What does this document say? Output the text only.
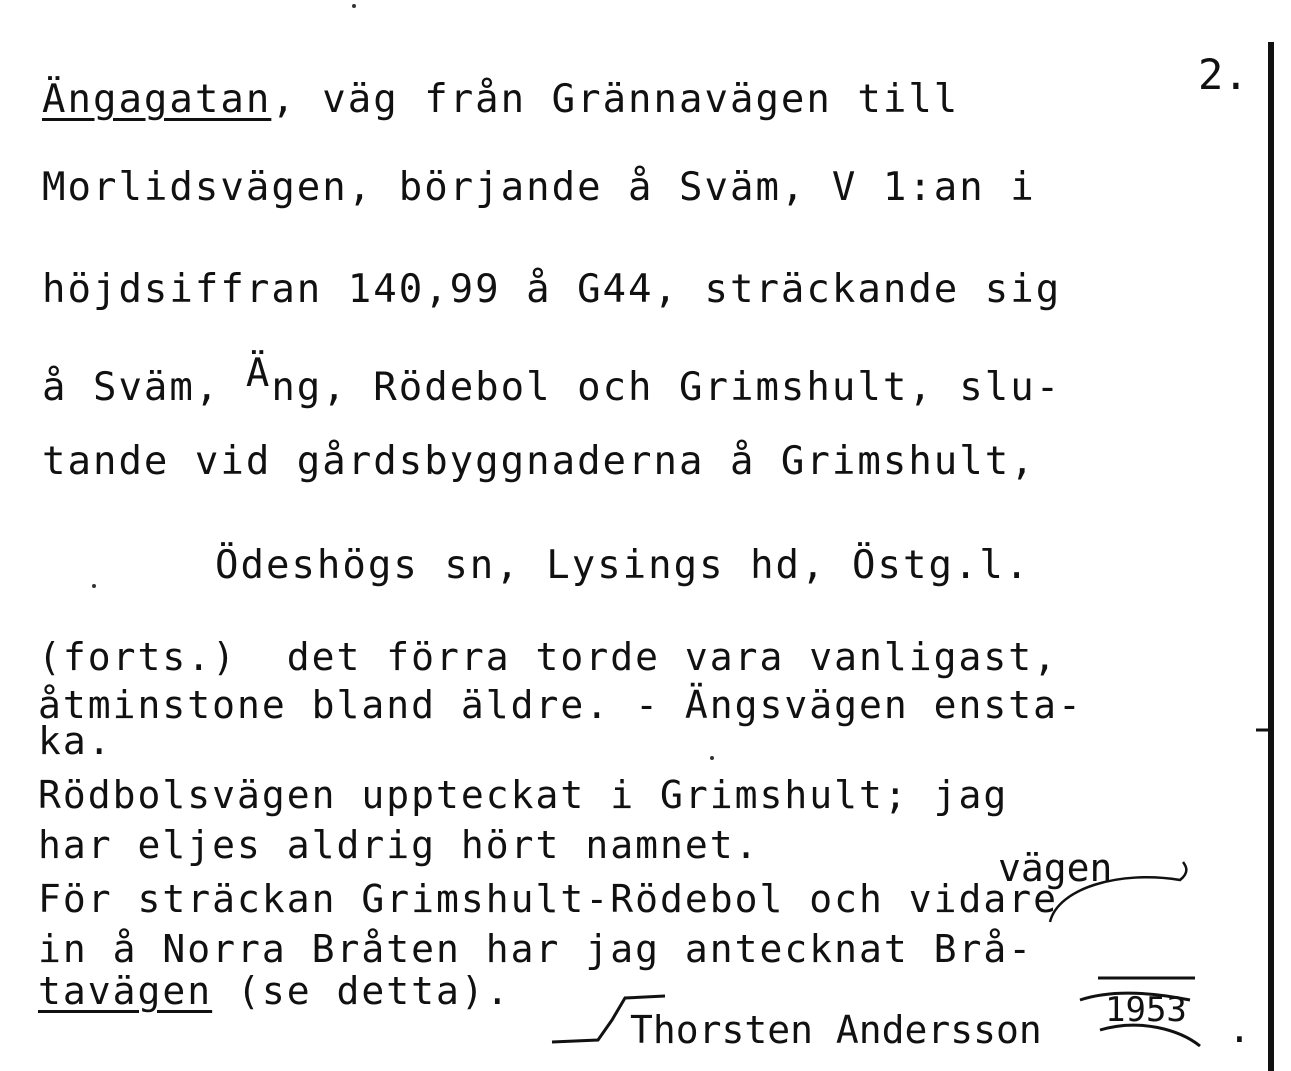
2.
Ängagatan, väg från Grännavägen till
Morlidsvägen, börjande å Sväm, V 1:an i
höjdsiffran 140,99 å G44, sträckande sig
å Sväm, Äng, Rödebol och Grimshult, slu-
tande vid gårdsbyggnaderna å Grimshult,
Ödeshögs sn, Lysings hd, Östg.l.
(forts.)  det förra torde vara vanligast,
åtminstone bland äldre. - Ängsvägen ensta-
ka.
Rödbolsvägen uppteckat i Grimshult; jag
har eljes aldrig hört namnet.
vägen
För sträckan Grimshult-Rödebol och vidare
in å Norra Bråten har jag antecknat Brå-
tavägen (se detta).	1953
Thorsten Andersson	.
